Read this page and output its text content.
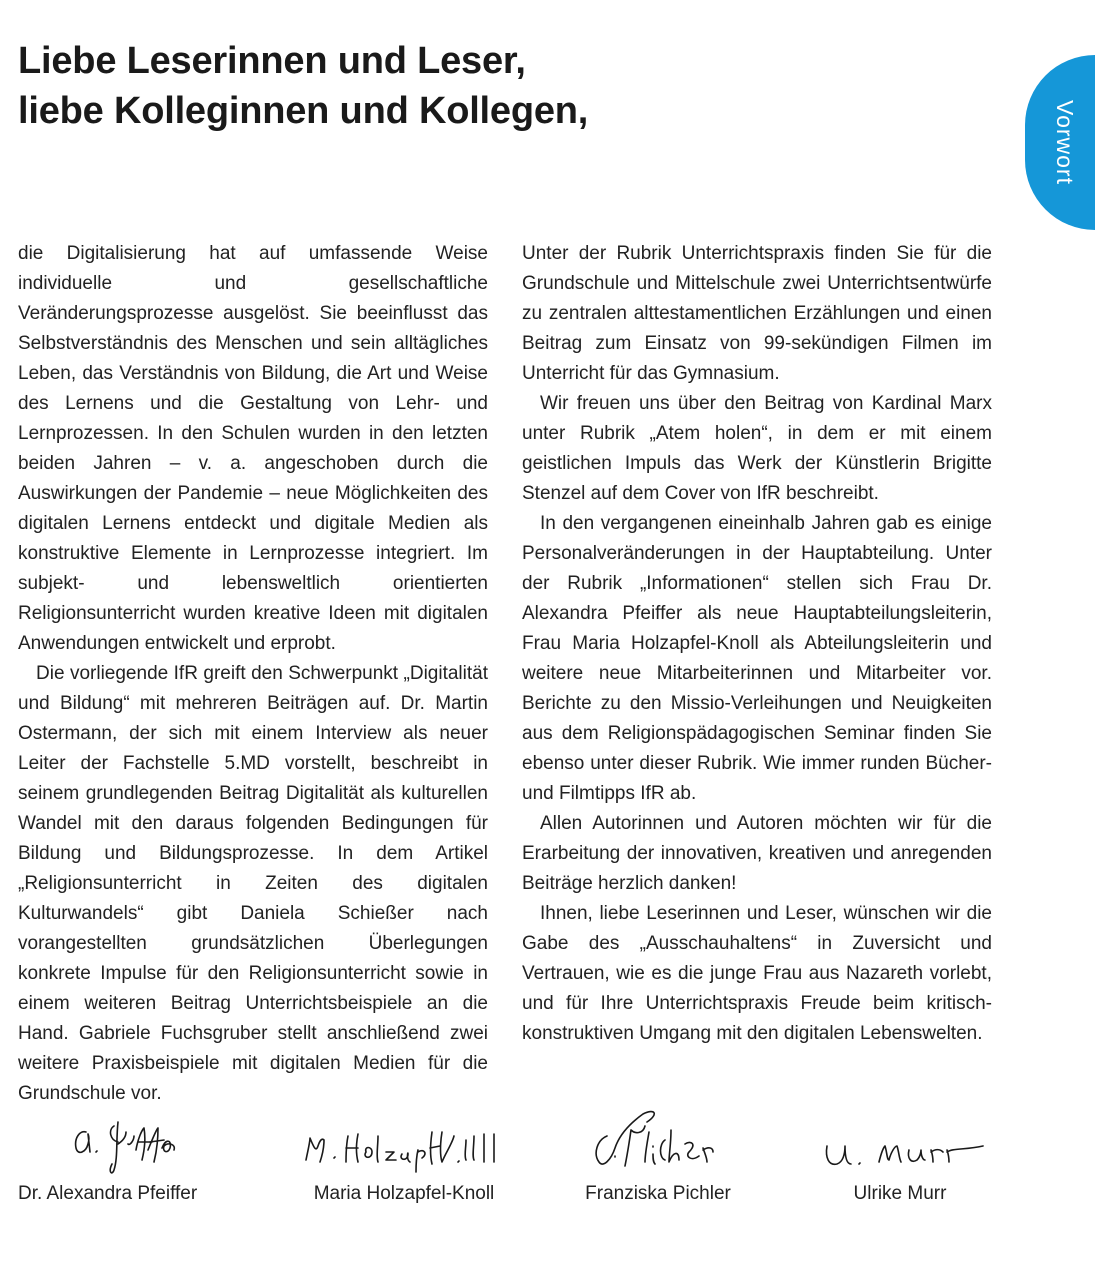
Liebe Leserinnen und Leser,
liebe Kolleginnen und Kollegen,	Vorwort

die Digitalisierung hat auf umfassende Weise individuelle und gesellschaftliche Veränderungsprozesse ausgelöst. Sie beeinflusst das Selbstverständnis des Menschen und sein alltägliches Leben, das Verständnis von Bildung, die Art und Weise des Lernens und die Gestaltung von Lehr- und Lernprozessen. In den Schulen wurden in den letzten beiden Jahren – v. a. angeschoben durch die Auswirkungen der Pandemie – neue Möglichkeiten des digitalen Lernens entdeckt und digitale Medien als konstruktive Elemente in Lernprozesse integriert. Im subjekt- und lebensweltlich orientierten Religionsunterricht wurden kreative Ideen mit digitalen Anwendungen entwickelt und erprobt.

Die vorliegende IfR greift den Schwerpunkt „Digitalität und Bildung“ mit mehreren Beiträgen auf. Dr. Martin Ostermann, der sich mit einem Interview als neuer Leiter der Fachstelle 5.MD vorstellt, beschreibt in seinem grundlegenden Beitrag Digitalität als kulturellen Wandel mit den daraus folgenden Bedingungen für Bildung und Bildungsprozesse. In dem Artikel „Religionsunterricht in Zeiten des digitalen Kulturwandels“ gibt Daniela Schießer nach vorangestellten grundsätzlichen Überlegungen konkrete Impulse für den Religionsunterricht sowie in einem weiteren Beitrag Unterrichtsbeispiele an die Hand. Gabriele Fuchsgruber stellt anschließend zwei weitere Praxisbeispiele mit digitalen Medien für die Grundschule vor.

Unter der Rubrik Unterrichtspraxis finden Sie für die Grundschule und Mittelschule zwei Unterrichtsentwürfe zu zentralen alttestamentlichen Erzählungen und einen Beitrag zum Einsatz von 99-sekündigen Filmen im Unterricht für das Gymnasium.

Wir freuen uns über den Beitrag von Kardinal Marx unter Rubrik „Atem holen“, in dem er mit einem geistlichen Impuls das Werk der Künstlerin Brigitte Stenzel auf dem Cover von IfR beschreibt.

In den vergangenen eineinhalb Jahren gab es einige Personalveränderungen in der Hauptabteilung. Unter der Rubrik „Informationen“ stellen sich Frau Dr. Alexandra Pfeiffer als neue Hauptabteilungsleiterin, Frau Maria Holzapfel-Knoll als Abteilungsleiterin und weitere neue Mitarbeiterinnen und Mitarbeiter vor. Berichte zu den Missio-Verleihungen und Neuigkeiten aus dem Religionspädagogischen Seminar finden Sie ebenso unter dieser Rubrik. Wie immer runden Bücher- und Filmtipps IfR ab.

Allen Autorinnen und Autoren möchten wir für die Erarbeitung der innovativen, kreativen und anregenden Beiträge herzlich danken!

Ihnen, liebe Leserinnen und Leser, wünschen wir die Gabe des „Ausschauhaltens“ in Zuversicht und Vertrauen, wie es die junge Frau aus Nazareth vorlebt, und für Ihre Unterrichtspraxis Freude beim kritisch-konstruktiven Umgang mit den digitalen Lebenswelten.

Dr. Alexandra Pfeiffer	Maria Holzapfel-Knoll	Franziska Pichler	Ulrike Murr
